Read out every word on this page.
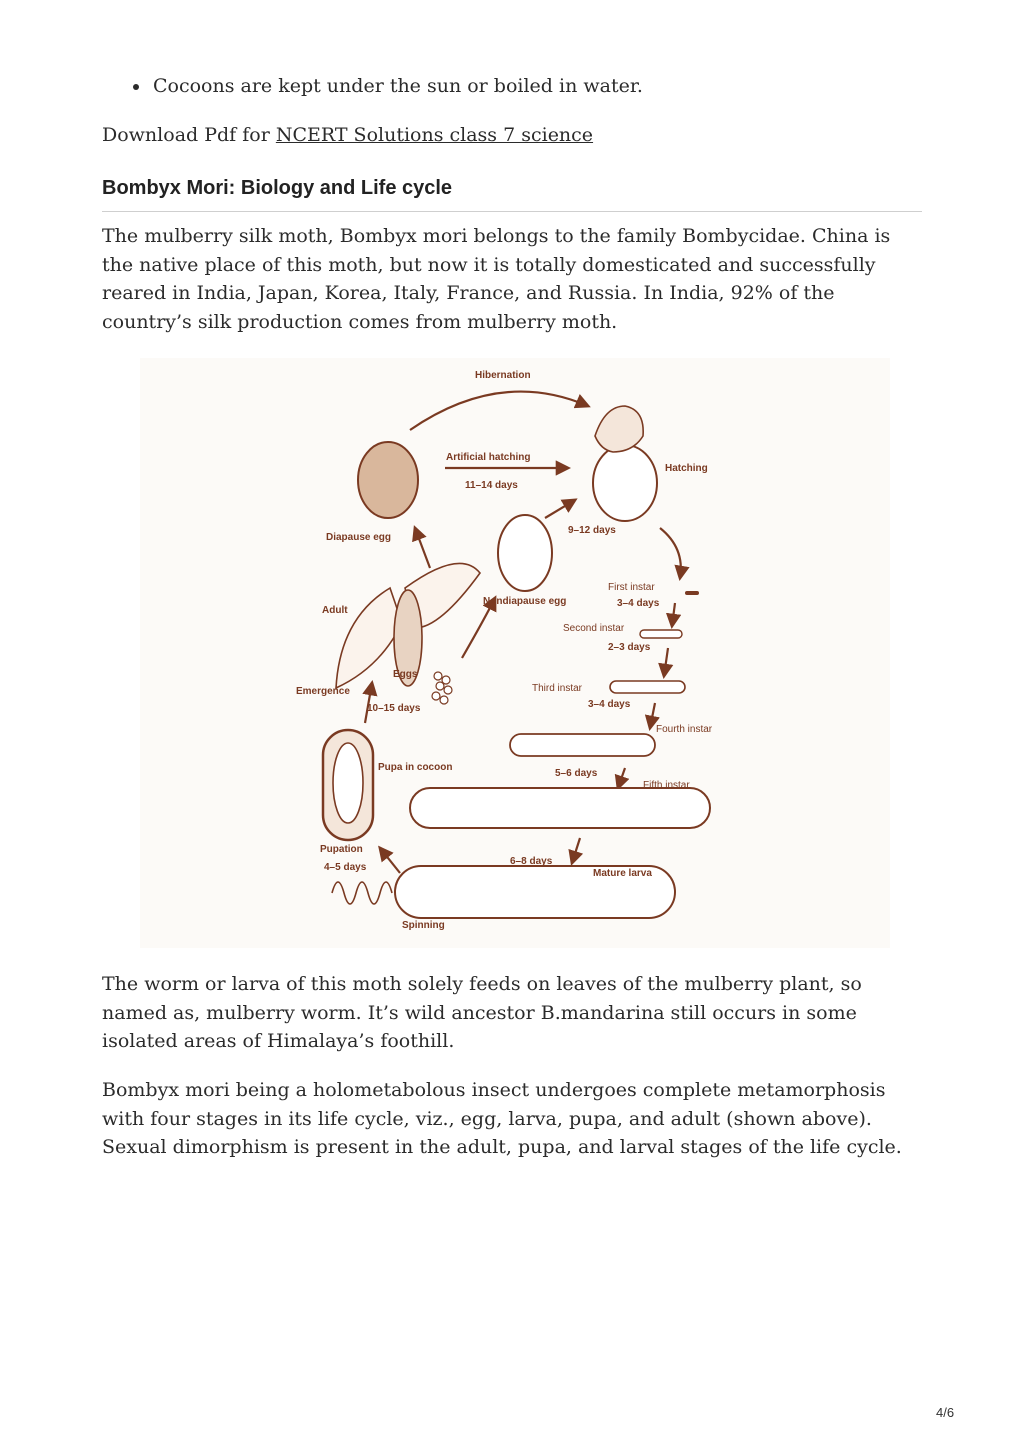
Cocoons are kept under the sun or boiled in water.

Download Pdf for NCERT Solutions class 7 science

Bombyx Mori: Biology and Life cycle

The mulberry silk moth, Bombyx mori belongs to the family Bombycidae. China is the native place of this moth, but now it is totally domesticated and successfully reared in India, Japan, Korea, Italy, France, and Russia. In India, 92% of the country’s silk production comes from mulberry moth.

Hibernation
Artificial hatching
11–14 days
Hatching
Diapause egg
9–12 days
Nondiapause egg
First instar
3–4 days
Adult
Second instar
2–3 days
Eggs
Third instar
Emergence
10–15 days	3–4 days
Fourth instar
Pupa in cocoon
5–6 days
Fifth instar
Pupation
4–5 days
6–8 days
Mature larva
Spinning

The worm or larva of this moth solely feeds on leaves of the mulberry plant, so named as, mulberry worm. It’s wild ancestor B.mandarina still occurs in some isolated areas of Himalaya’s foothill.

Bombyx mori being a holometabolous insect undergoes complete metamorphosis with four stages in its life cycle, viz., egg, larva, pupa, and adult (shown above). Sexual dimorphism is present in the adult, pupa, and larval stages of the life cycle.

4/6
